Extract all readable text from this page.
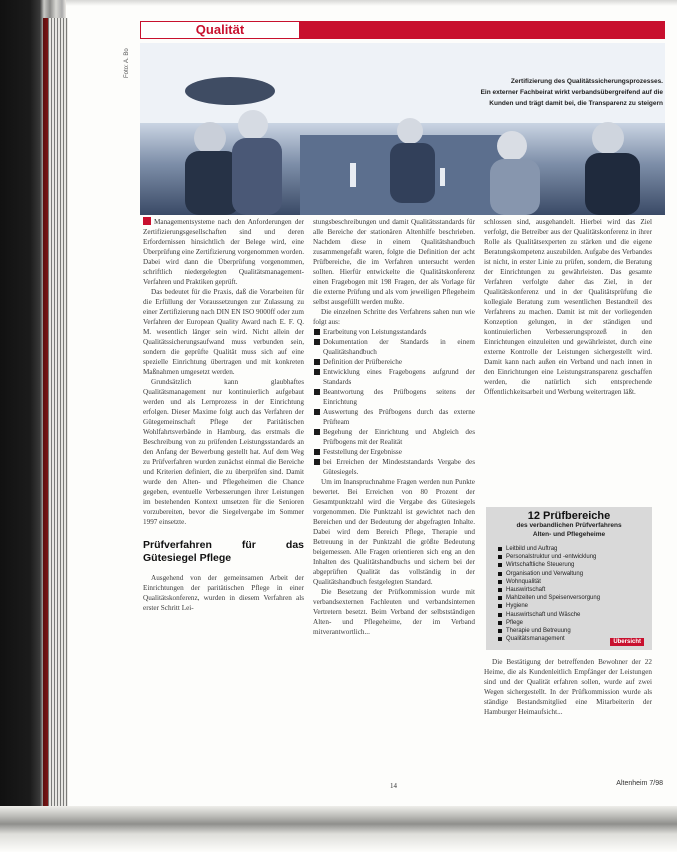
Qualität
Foto: A. Bo
Zertifizierung des Qualitätssicherungsprozesses.
Ein externer Fachbeirat wirkt verbandsübergreifend auf die
Kunden und trägt damit bei, die Transparenz zu steigern

Managementsysteme nach den Anforderungen der Zertifizierungsgesellschaften sind und deren Erfordernissen hinsichtlich der Belege wird, eine Überprüfung eine Zertifizierung vorgenommen worden. Dabei wird dann die Überprüfung vorgenommen, schriftlich niedergelegten Qualitätsmanagement-Verfahren und Praktiken geprüft.

Das bedeutet für die Praxis, daß die Vorarbeiten für die Erfüllung der Voraussetzungen zur Zulassung zu einer Zertifizierung nach DIN EN ISO 9000ff oder zum Verfahren der European Quality Award nach E. F. Q. M. wesentlich länger sein wird. Nicht allein der Qualitätssicherungsaufwand muss verbunden sein, sondern die geprüfte Qualität muss sich auf eine spezielle Einrichtung übertragen und mit konkreten Maßnahmen umgesetzt werden.

Grundsätzlich kann glaubhaftes Qualitätsmanagement nur kontinuierlich aufgebaut werden und als Lernprozess in der Einrichtung erfolgen. Dieser Maxime folgt auch das Verfahren der Gütegemeinschaft Pflege der Paritätischen Wohlfahrtsverbände in Hamburg, das erstmals die Beschreibung von zu prüfenden Leistungsstandards an den Anfang der Bewerbung gestellt hat. Auf dem Weg zu Prüfverfahren wurden zunächst einmal die Bereiche und Kriterien definiert, die zu überprüfen sind. Damit wurde den Alten- und Pflegeheimen die Chance gegeben, eventuelle Verbesserungen ihrer Leistungen im bestehenden Kontext umsetzen für die Senioren vorzubereiten, bevor die Siegelvergabe im Sommer 1997 einsetzte.

Prüfverfahren für das Gütesiegel Pflege

Ausgehend von der gemeinsamen Arbeit der Einrichtungen der paritätischen Pflege in einer Qualitätskonferenz, wurden in diesem Verfahren als erster Schritt Lei-

stungsbeschreibungen und damit Qualitätsstandards für alle Bereiche der stationären Altenhilfe beschrieben. Nachdem diese in einem Qualitätshandbuch zusammengefaßt waren, folgte die Definition der acht Prüfbereiche, die im Verfahren untersucht werden sollten. Hierfür entwickelte die Qualitätskonferenz einen Fragebogen mit 198 Fragen, der als Vorlage für die externe Prüfung und als vom jeweiligen Pflegeheim selbst ausgefüllt werden mußte.

Die einzelnen Schritte des Verfahrens sahen nun wie folgt aus:

Erarbeitung von Leistungsstandards
Dokumentation der Standards in einem Qualitätshandbuch
Definition der Prüfbereiche
Entwicklung eines Fragebogens aufgrund der Standards
Beantwortung des Prüfbogens seitens der Einrichtung
Auswertung des Prüfbogens durch das externe Prüfteam
Begehung der Einrichtung und Abgleich des Prüfbogens mit der Realität
Feststellung der Ergebnisse
bei Erreichen der Mindeststandards Vergabe des Gütesiegels.

Um im Inanspruchnahme Fragen werden nun Punkte bewertet. Bei Erreichen von 80 Prozent der Gesamtpunktzahl wird die Vergabe des Gütesiegels vorgenommen. Die Punktzahl ist gewichtet nach den Bereichen und der Bedeutung der abgefragten Inhalte. Dabei wird dem Bereich Pflege, Therapie und Betreuung in der Punktzahl die größte Bedeutung beigemessen. Alle Fragen orientieren sich eng an den Inhalten des Qualitätshandbuchs und sichern bei der abgeprüften Qualität das vollständig in der Qualitätshandbuch festgelegten Standard.

Die Besetzung der Prüfkommission wurde mit verbandsexternen Fachleuten und verbandsinternen Vertretern besetzt. Beim Verband der selbstständigen Alten- und Pflegeheime, der im Verband mitverantwortlich...

schlossen sind, ausgehandelt. Hierbei wird das Ziel verfolgt, die Betreiber aus der Qualitätskonferenz in ihrer Rolle als Qualitätsexperten zu stärken und die eigene Beratungskompetenz auszubilden. Aufgabe des Verbandes ist nicht, in erster Linie zu prüfen, sondern, die Beratung der Einrichtungen zu gewährleisten. Das gesamte Verfahren verfolgte daher das Ziel, in der Qualitätskonferenz und in der Qualitätsprüfung die kollegiale Beratung zum wesentlichen Bestandteil des Verfahrens zu machen. Damit ist mit der vorliegenden Konzeption gelungen, in der ständigen und kontinuierlichen Verbesserungsprozeß in den Einrichtungen einzuleiten und gewährleistet, durch eine externe Kontrolle der Leistungen sichergestellt wird. Damit kann nach außen ein Verband und nach innen in den Einrichtungen eine Leistungstransparenz geschaffen werden, die natürlich sich entsprechende Öffentlichkeitsarbeit und Werbung weitertragen läßt.

12 Prüfbereiche
des verbandlichen Prüfverfahrens
Alten- und Pflegeheime
Leitbild und Auftrag
Personalstruktur und -entwicklung
Wirtschaftliche Steuerung
Organisation und Verwaltung
Wohnqualität
Hauswirtschaft
Mahlzeiten und Speisenversorgung
Hygiene
Hauswirtschaft und Wäsche
Pflege
Therapie und Betreuung
Qualitätsmanagement	Übersicht

Die Bestätigung der betreffenden Bewohner der 22 Heime, die als Kundenleitlich Empfänger der Leistungen sind und der Qualität erfahren sollen, wurde auf zwei Wegen sichergestellt. In der Prüfkommission wurde als ständige Bestandsmitglied eine Mitarbeiterin der Hamburger Heimaufsicht...

14	Altenheim 7/98
